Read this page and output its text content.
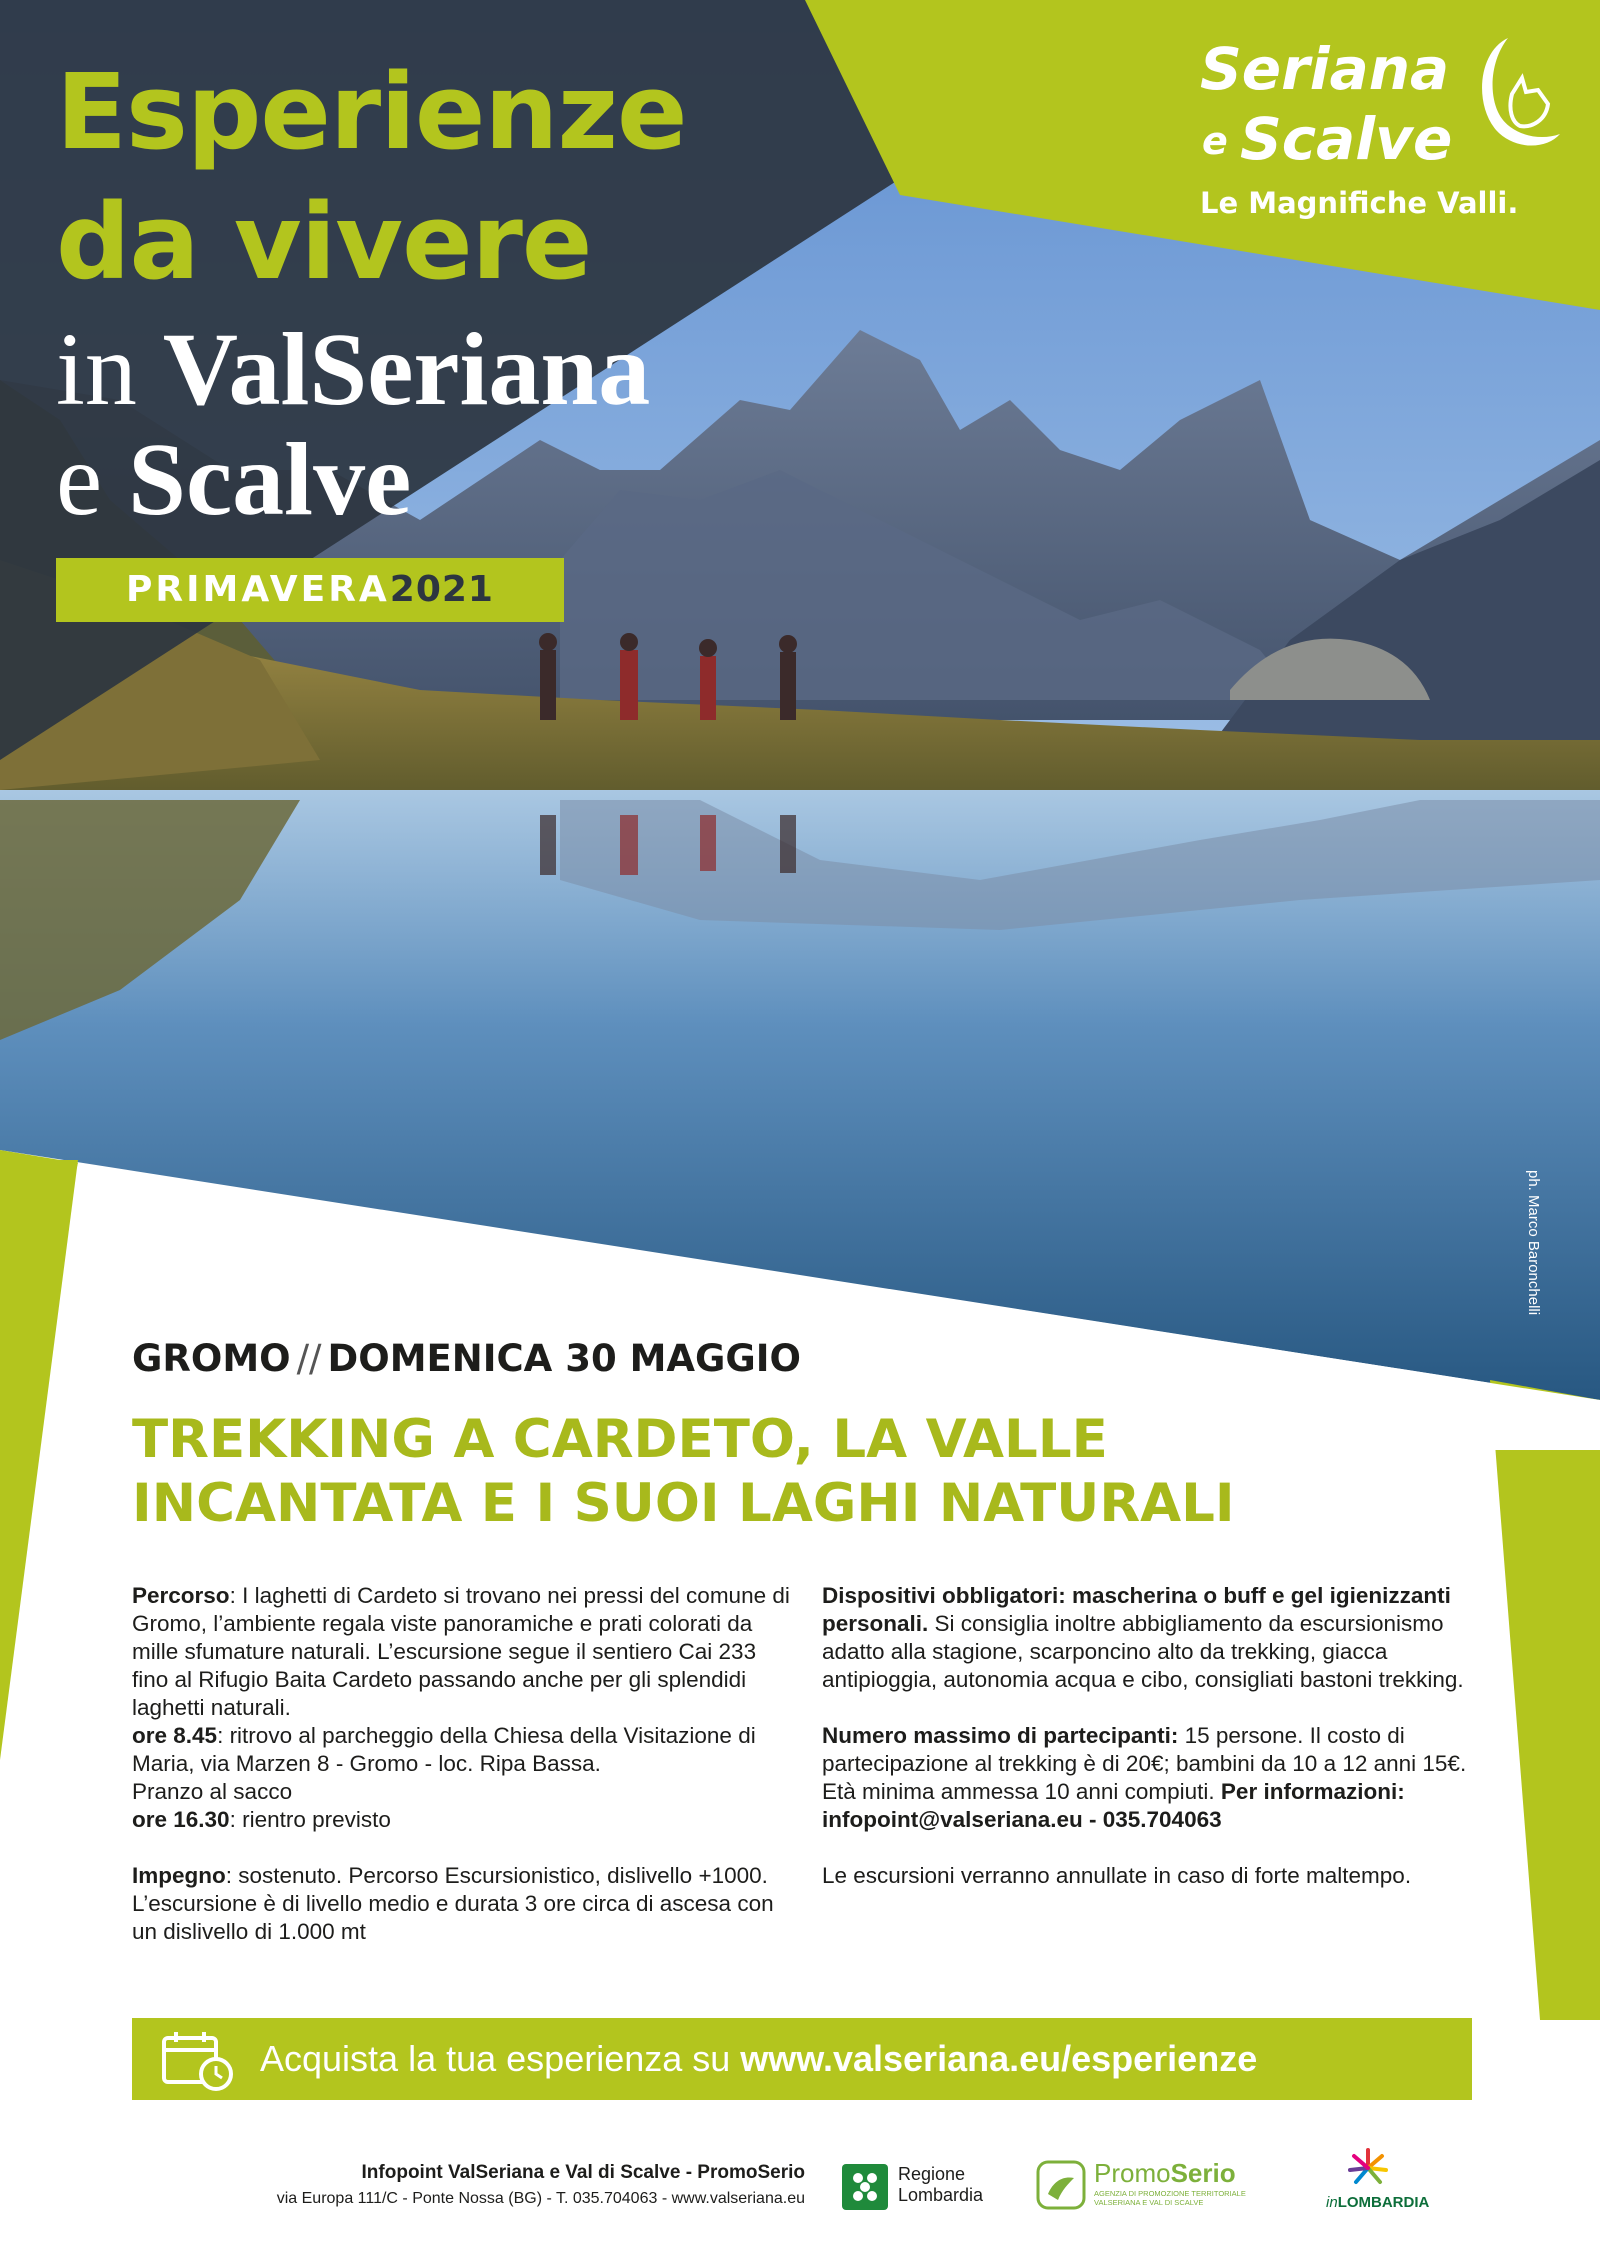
Esperienze
da vivere
in ValSeriana
e Scalve
PRIMAVERA2021
Seriana
e Scalve
Le Magnifiche Valli.
ph. Marco Baronchelli
GROMO // DOMENICA 30 MAGGIO
TREKKING A CARDETO, LA VALLE INCANTATA E I SUOI LAGHI NATURALI

Percorso: I laghetti di Cardeto si trovano nei pressi del comune di Gromo, l’ambiente regala viste panoramiche e prati colorati da mille sfumature naturali. L’escursione segue il sentiero Cai 233 fino al Rifugio Baita Cardeto passando anche per gli splendidi laghetti naturali.

ore 8.45: ritrovo al parcheggio della Chiesa della Visitazione di Maria, via Marzen 8 - Gromo - loc. Ripa Bassa.

Pranzo al sacco

ore 16.30: rientro previsto

Impegno: sostenuto. Percorso Escursionistico, dislivello +1000. L’escursione è di livello medio e durata 3 ore circa di ascesa con un dislivello di 1.000 mt

Dispositivi obbligatori: mascherina o buff e gel igienizzanti personali. Si consiglia inoltre abbigliamento da escursionismo adatto alla stagione, scarponcino alto da trekking, giacca antipioggia, autonomia acqua e cibo, consigliati bastoni trekking.

Numero massimo di partecipanti: 15 persone. Il costo di partecipazione al trekking è di 20€; bambini da 10 a 12 anni 15€. Età minima ammessa 10 anni compiuti. Per informazioni: infopoint@valseriana.eu - 035.704063

Le escursioni verranno annullate in caso di forte maltempo.

Acquista la tua esperienza su www.valseriana.eu/esperienze
Infopoint ValSeriana e Val di Scalve - PromoSerio
via Europa 111/C - Ponte Nossa (BG) - T. 035.704063 - www.valseriana.eu
Regione
Lombardia
PromoSerio
AGENZIA DI PROMOZIONE TERRITORIALE
VALSERIANA E VAL DI SCALVE	inLOMBARDIA
